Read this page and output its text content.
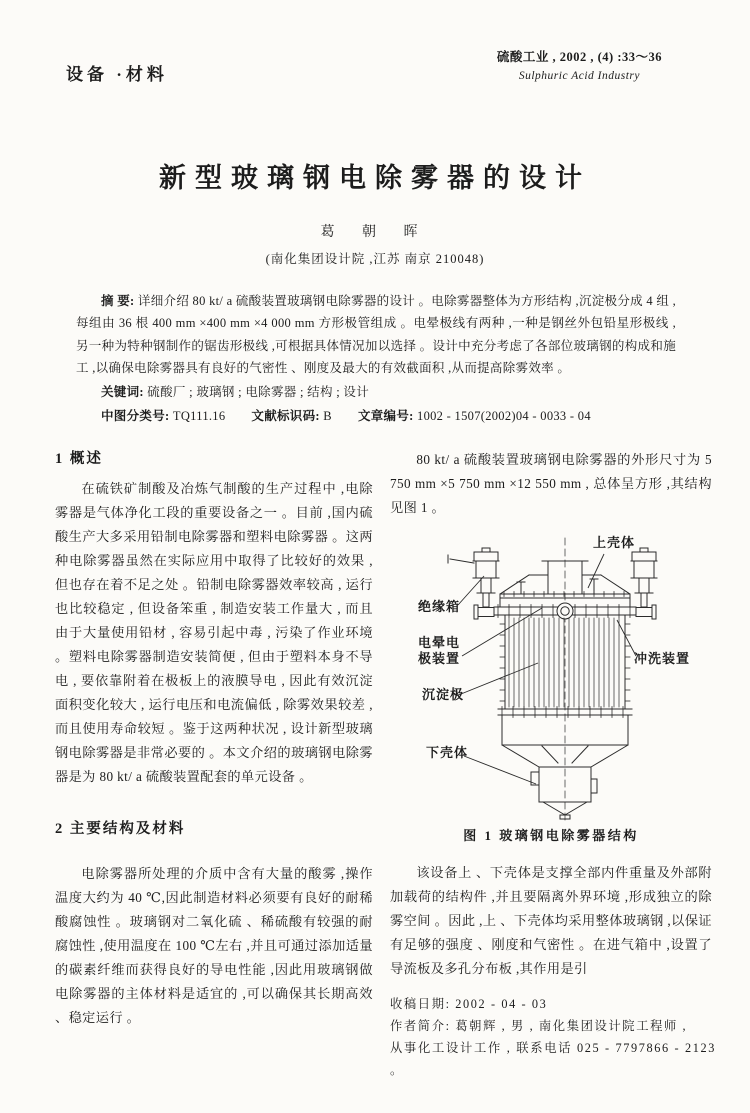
设备 ·材料
硫酸工业 , 2002 , (4) :33～36
Sulphuric Acid Industry
新型玻璃钢电除雾器的设计
葛 朝 晖
(南化集团设计院 ,江苏 南京 210048)

摘 要: 详细介绍 80 kt/ a 硫酸装置玻璃钢电除雾器的设计 。电除雾器整体为方形结构 ,沉淀极分成 4 组 ,每组由 36 根 400 mm ×400 mm ×4 000 mm 方形极管组成 。电晕极线有两种 ,一种是钢丝外包铅星形极线 ,另一种为特种钢制作的锯齿形极线 ,可根据具体情况加以选择 。设计中充分考虑了各部位玻璃钢的构成和施工 ,以确保电除雾器具有良好的气密性 、刚度及最大的有效截面积 ,从而提高除雾效率 。

关键词: 硫酸厂 ; 玻璃钢 ; 电除雾器 ; 结构 ; 设计

中图分类号: TQ111.16 文献标识码: B 文章编号: 1002 - 1507(2002)04 - 0033 - 04

1 概述

在硫铁矿制酸及冶炼气制酸的生产过程中 ,电除雾器是气体净化工段的重要设备之一 。目前 ,国内硫酸生产大多采用铅制电除雾器和塑料电除雾器 。这两种电除雾器虽然在实际应用中取得了比较好的效果 , 但也存在着不足之处 。铅制电除雾器效率较高 , 运行也比较稳定 , 但设备笨重 , 制造安装工作量大 , 而且由于大量使用铅材 , 容易引起中毒 , 污染了作业环境 。塑料电除雾器制造安装简便 , 但由于塑料本身不导电 , 要依靠附着在极板上的液膜导电 , 因此有效沉淀面积变化较大 , 运行电压和电流偏低 , 除雾效果较差 , 而且使用寿命较短 。鉴于这两种状况 , 设计新型玻璃钢电除雾器是非常必要的 。本文介绍的玻璃钢电除雾器是为 80 kt/ a 硫酸装置配套的单元设备 。

2 主要结构及材料

电除雾器所处理的介质中含有大量的酸雾 ,操作温度大约为 40 ℃,因此制造材料必须要有良好的耐稀酸腐蚀性 。玻璃钢对二氧化硫 、稀硫酸有较强的耐腐蚀性 ,使用温度在 100 ℃左右 ,并且可通过添加适量的碳素纤维而获得良好的导电性能 ,因此用玻璃钢做电除雾器的主体材料是适宜的 ,可以确保其长期高效 、稳定运行 。

80 kt/ a 硫酸装置玻璃钢电除雾器的外形尺寸为 5 750 mm ×5 750 mm ×12 550 mm , 总体呈方形 ,其结构见图 1 。

上壳体
绝缘箱
电晕电
极装置	冲洗装置
沉淀极
下壳体

图 1 玻璃钢电除雾器结构

该设备上 、下壳体是支撑全部内件重量及外部附加载荷的结构件 ,并且要隔离外界环境 ,形成独立的除雾空间 。因此 ,上 、下壳体均采用整体玻璃钢 ,以保证有足够的强度 、刚度和气密性 。在进气箱中 ,设置了导流板及多孔分布板 ,其作用是引

收稿日期: 2002 - 04 - 03
作者简介: 葛朝辉 , 男 , 南化集团设计院工程师 ,
从事化工设计工作 , 联系电话 025 - 7797866 - 2123 。
